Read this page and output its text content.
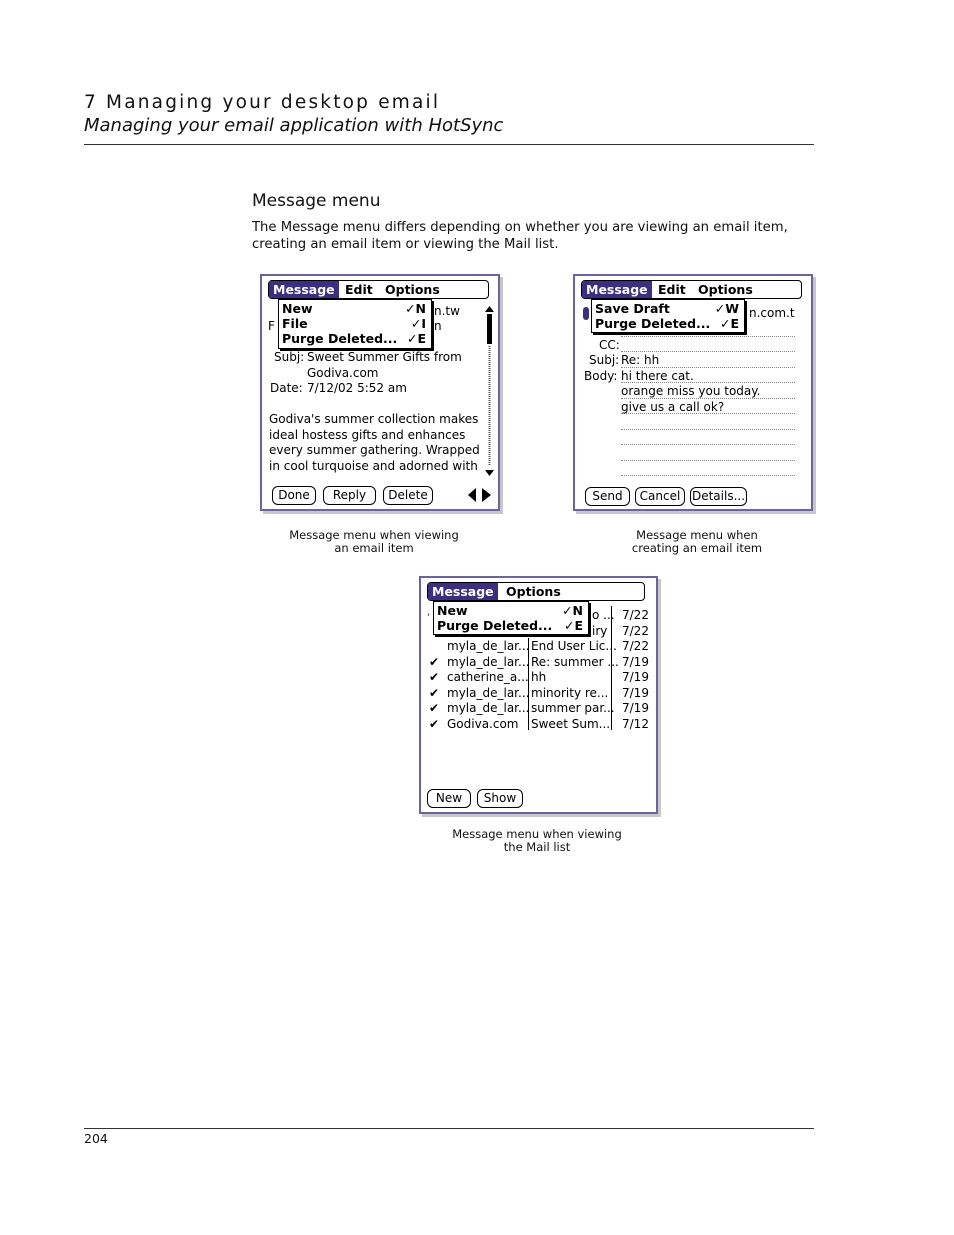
7 Managing your desktop email
Managing your email application with HotSync
Message menu
The Message menu differs depending on whether you are viewing an email item, creating an email item or viewing the Mail list.
Message Edit Options
F
n.tw
n
New	✓N
File	✓I
Purge Deleted... ✓E
Subj: Sweet Summer Gifts from
Godiva.com
Date: 7/12/02 5:52 am
Godiva's summer collection makes
ideal hostess gifts and enhances
every summer gathering. Wrapped
in cool turquoise and adorned with
Done	Reply	Delete
Message menu when viewing
an email item
Message Edit Options
n.com.t
Save Draft	✓W
Purge Deleted... ✓E
CC:
Subj: Re: hh
Body: hi there cat.
orange miss you today.
give us a call ok?
Send	Cancel Details...
Message menu when
creating an email item
Message Options
o ... 7/22
iry 7/22
‘ New	✓N
Purge Deleted... ✓E
myla_de_lar... End User Lic... 7/22
✔ myla_de_lar... Re: summer ... 7/19
✔ catherine_a... hh	7/19
✔ myla_de_lar... minority re... 7/19
✔ myla_de_lar... summer par... 7/19
✔ Godiva.com Sweet Sum... 7/12
New	Show
Message menu when viewing
the Mail list
204
